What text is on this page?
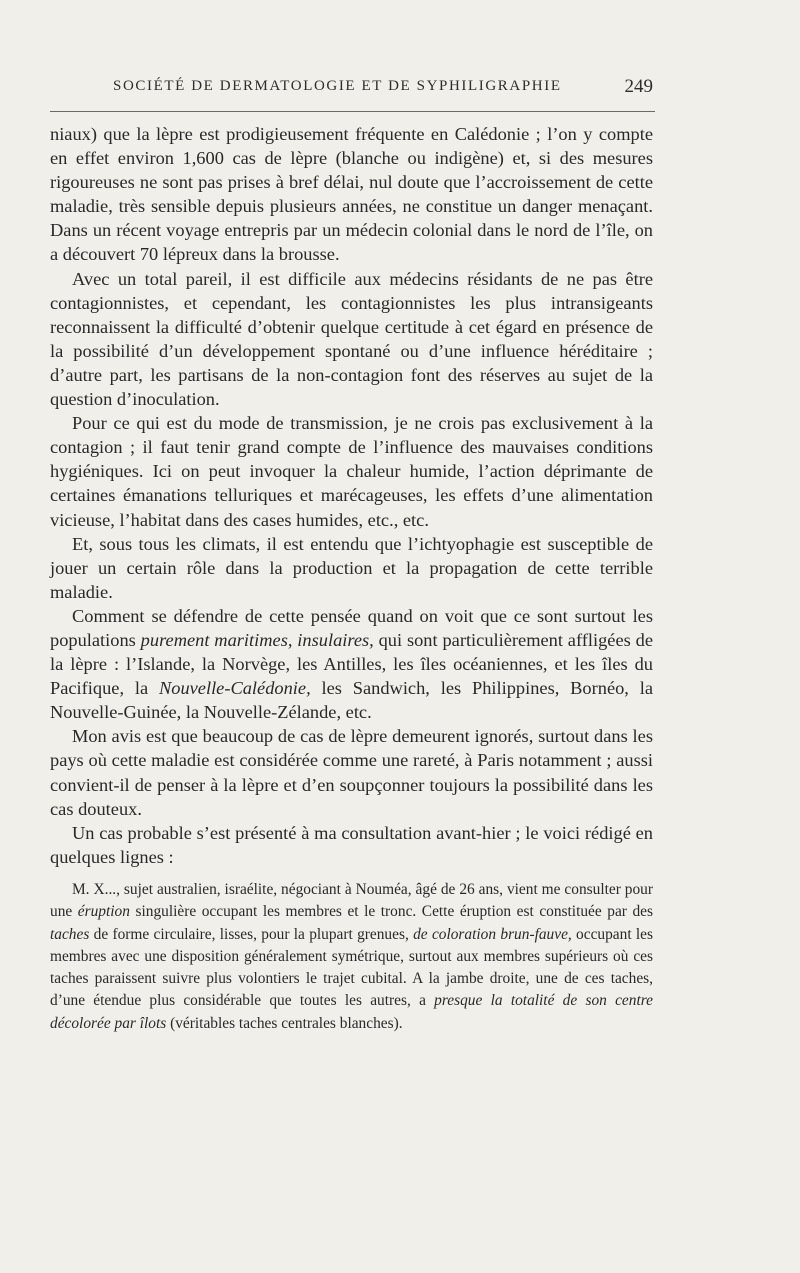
SOCIÉTÉ DE DERMATOLOGIE ET DE SYPHILIGRAPHIE	249

niaux) que la lèpre est prodigieusement fréquente en Calédonie ; l’on y compte en effet environ 1,600 cas de lèpre (blanche ou indigène) et, si des mesures rigoureuses ne sont pas prises à bref délai, nul doute que l’accroissement de cette maladie, très sensible depuis plusieurs années, ne constitue un danger menaçant. Dans un récent voyage entrepris par un médecin colonial dans le nord de l’île, on a découvert 70 lépreux dans la brousse.

Avec un total pareil, il est difficile aux médecins résidants de ne pas être contagionnistes, et cependant, les contagionnistes les plus intransigeants reconnaissent la difficulté d’obtenir quelque certitude à cet égard en présence de la possibilité d’un développement spontané ou d’une influence héréditaire ; d’autre part, les partisans de la non-contagion font des réserves au sujet de la question d’inoculation.

Pour ce qui est du mode de transmission, je ne crois pas exclusivement à la contagion ; il faut tenir grand compte de l’influence des mauvaises conditions hygiéniques. Ici on peut invoquer la chaleur humide, l’action déprimante de certaines émanations telluriques et marécageuses, les effets d’une alimentation vicieuse, l’habitat dans des cases humides, etc., etc.

Et, sous tous les climats, il est entendu que l’ichtyophagie est susceptible de jouer un certain rôle dans la production et la propagation de cette terrible maladie.

Comment se défendre de cette pensée quand on voit que ce sont surtout les populations purement maritimes, insulaires, qui sont particulièrement affligées de la lèpre : l’Islande, la Norvège, les Antilles, les îles océaniennes, et les îles du Pacifique, la Nouvelle-Calédonie, les Sandwich, les Philippines, Bornéo, la Nouvelle-Guinée, la Nouvelle-Zélande, etc.

Mon avis est que beaucoup de cas de lèpre demeurent ignorés, surtout dans les pays où cette maladie est considérée comme une rareté, à Paris notamment ; aussi convient-il de penser à la lèpre et d’en soupçonner toujours la possibilité dans les cas douteux.

Un cas probable s’est présenté à ma consultation avant-hier ; le voici rédigé en quelques lignes :

M. X..., sujet australien, israélite, négociant à Nouméa, âgé de 26 ans, vient me consulter pour une éruption singulière occupant les membres et le tronc. Cette éruption est constituée par des taches de forme circulaire, lisses, pour la plupart grenues, de coloration brun-fauve, occupant les membres avec une disposition généralement symétrique, surtout aux membres supérieurs où ces taches paraissent suivre plus volontiers le trajet cubital. A la jambe droite, une de ces taches, d’une étendue plus considérable que toutes les autres, a presque la totalité de son centre décolorée par îlots (véritables taches centrales blanches).
